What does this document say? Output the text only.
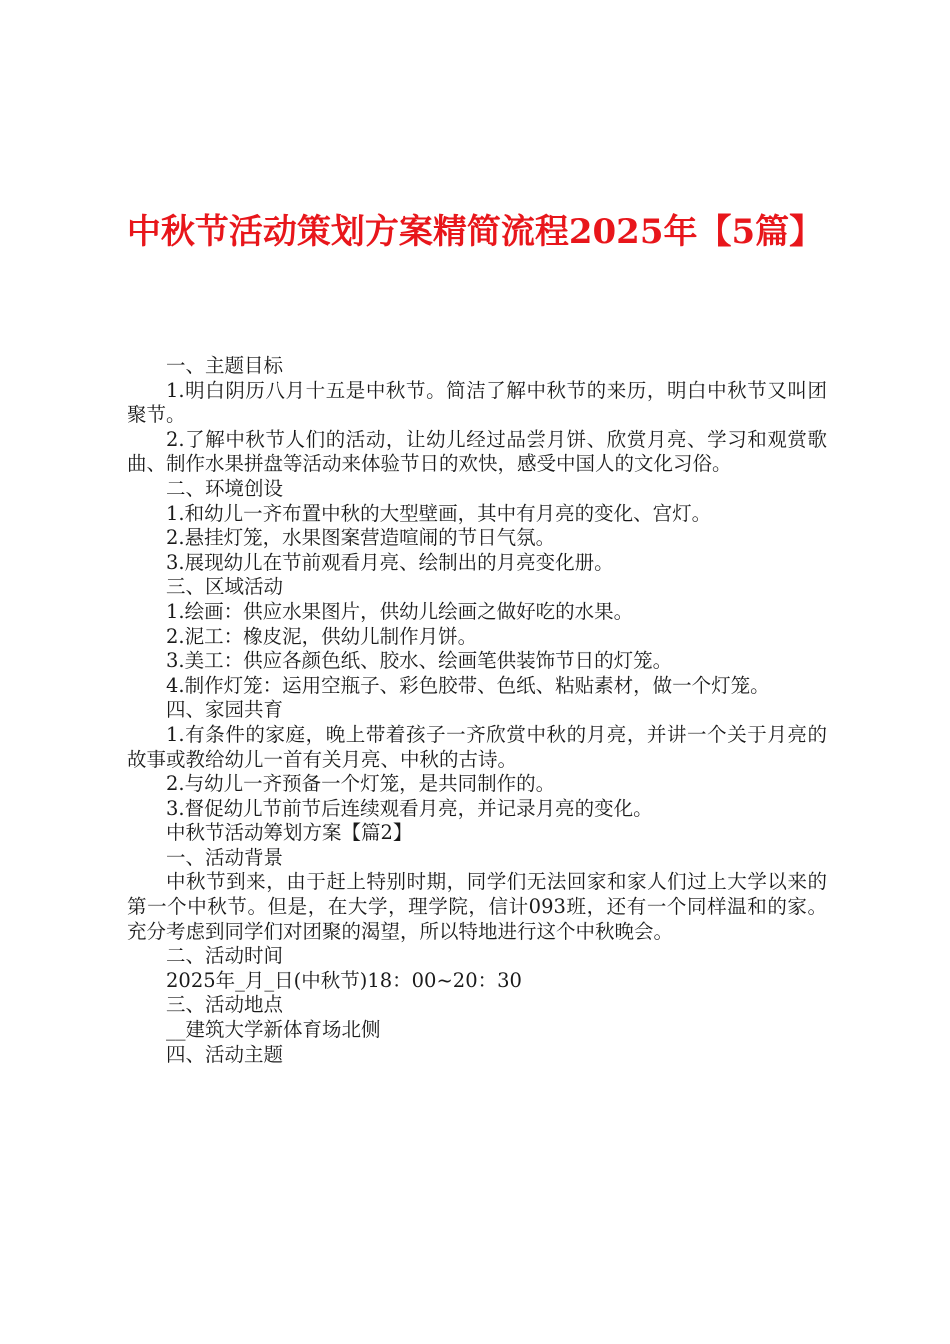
中秋节活动策划方案精简流程2025年【5篇】

一、主题目标

1.明白阴历八月十五是中秋节。简洁了解中秋节的来历，明白中秋节又叫团聚节。

2.了解中秋节人们的活动，让幼儿经过品尝月饼、欣赏月亮、学习和观赏歌曲、制作水果拼盘等活动来体验节日的欢快，感受中国人的文化习俗。

二、环境创设

1.和幼儿一齐布置中秋的大型壁画，其中有月亮的变化、宫灯。

2.悬挂灯笼，水果图案营造喧闹的节日气氛。

3.展现幼儿在节前观看月亮、绘制出的月亮变化册。

三、区域活动

1.绘画：供应水果图片，供幼儿绘画之做好吃的水果。

2.泥工：橡皮泥，供幼儿制作月饼。

3.美工：供应各颜色纸、胶水、绘画笔供装饰节日的灯笼。

4.制作灯笼：运用空瓶子、彩色胶带、色纸、粘贴素材，做一个灯笼。

四、家园共育

1.有条件的家庭，晚上带着孩子一齐欣赏中秋的月亮，并讲一个关于月亮的故事或教给幼儿一首有关月亮、中秋的古诗。

2.与幼儿一齐预备一个灯笼，是共同制作的。

3.督促幼儿节前节后连续观看月亮，并记录月亮的变化。

中秋节活动筹划方案【篇2】

一、活动背景

中秋节到来，由于赶上特别时期，同学们无法回家和家人们过上大学以来的第一个中秋节。但是，在大学，理学院，信计093班，还有一个同样温和的家。充分考虑到同学们对团聚的渴望，所以特地进行这个中秋晚会。

二、活动时间

2025年_月_日(中秋节)18：00~20：30

三、活动地点

__建筑大学新体育场北侧

四、活动主题
